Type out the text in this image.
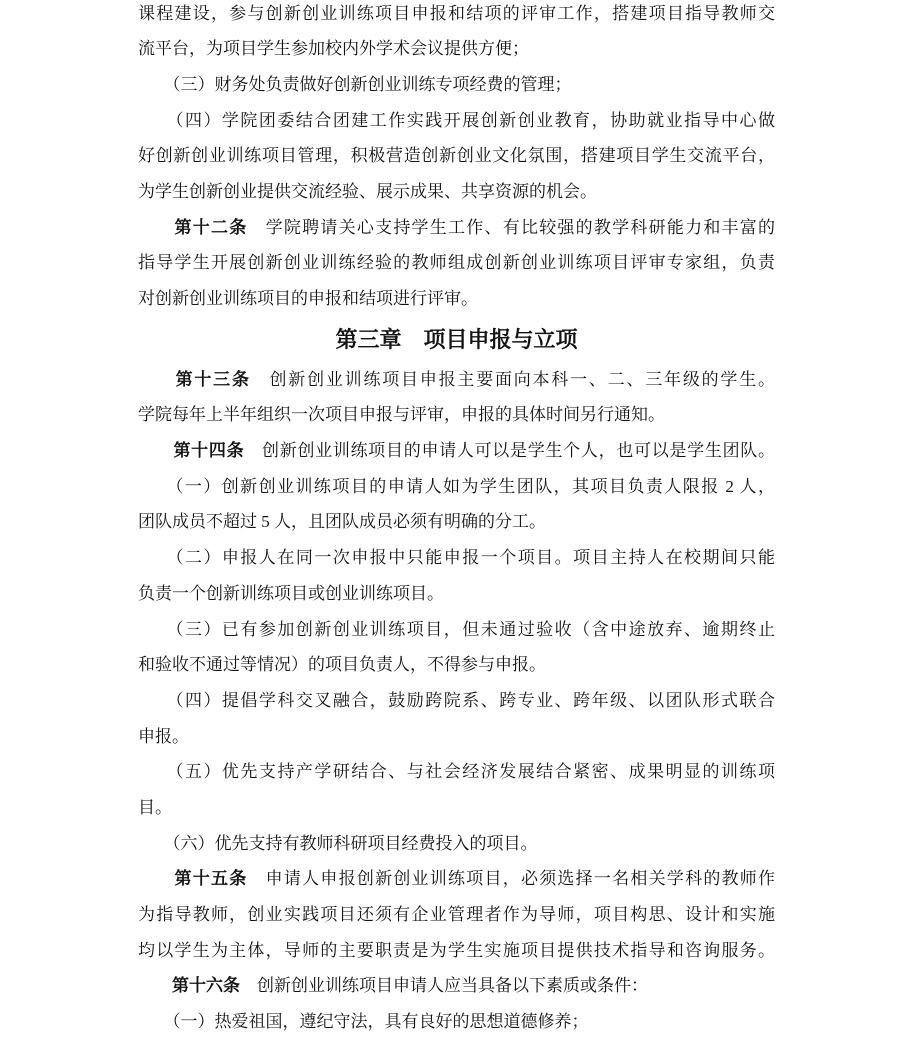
课程建设，参与创新创业训练项目申报和结项的评审工作，搭建项目指导教师交
流平台，为项目学生参加校内外学术会议提供方便；
　　（三）财务处负责做好创新创业训练专项经费的管理；
　　（四）学院团委结合团建工作实践开展创新创业教育，协助就业指导中心做
好创新创业训练项目管理，积极营造创新创业文化氛围，搭建项目学生交流平台，
为学生创新创业提供交流经验、展示成果、共享资源的机会。
　　第十二条　学院聘请关心支持学生工作、有比较强的教学科研能力和丰富的
指导学生开展创新创业训练经验的教师组成创新创业训练项目评审专家组，负责
对创新创业训练项目的申报和结项进行评审。
第三章　项目申报与立项
　　第十三条　创新创业训练项目申报主要面向本科一、二、三年级的学生。
学院每年上半年组织一次项目申报与评审，申报的具体时间另行通知。
　　第十四条　创新创业训练项目的申请人可以是学生个人，也可以是学生团队。
　　（一）创新创业训练项目的申请人如为学生团队，其项目负责人限报 2 人，
团队成员不超过 5 人，且团队成员必须有明确的分工。
　　（二）申报人在同一次申报中只能申报一个项目。项目主持人在校期间只能
负责一个创新训练项目或创业训练项目。
　　（三）已有参加创新创业训练项目，但未通过验收（含中途放弃、逾期终止
和验收不通过等情况）的项目负责人，不得参与申报。
　　（四）提倡学科交叉融合，鼓励跨院系、跨专业、跨年级、以团队形式联合
申报。
　　（五）优先支持产学研结合、与社会经济发展结合紧密、成果明显的训练项
目。
　　（六）优先支持有教师科研项目经费投入的项目。
　　第十五条　申请人申报创新创业训练项目，必须选择一名相关学科的教师作
为指导教师，创业实践项目还须有企业管理者作为导师，项目构思、设计和实施
均以学生为主体，导师的主要职责是为学生实施项目提供技术指导和咨询服务。
　　第十六条　创新创业训练项目申请人应当具备以下素质或条件：
　　（一）热爱祖国，遵纪守法，具有良好的思想道德修养；
